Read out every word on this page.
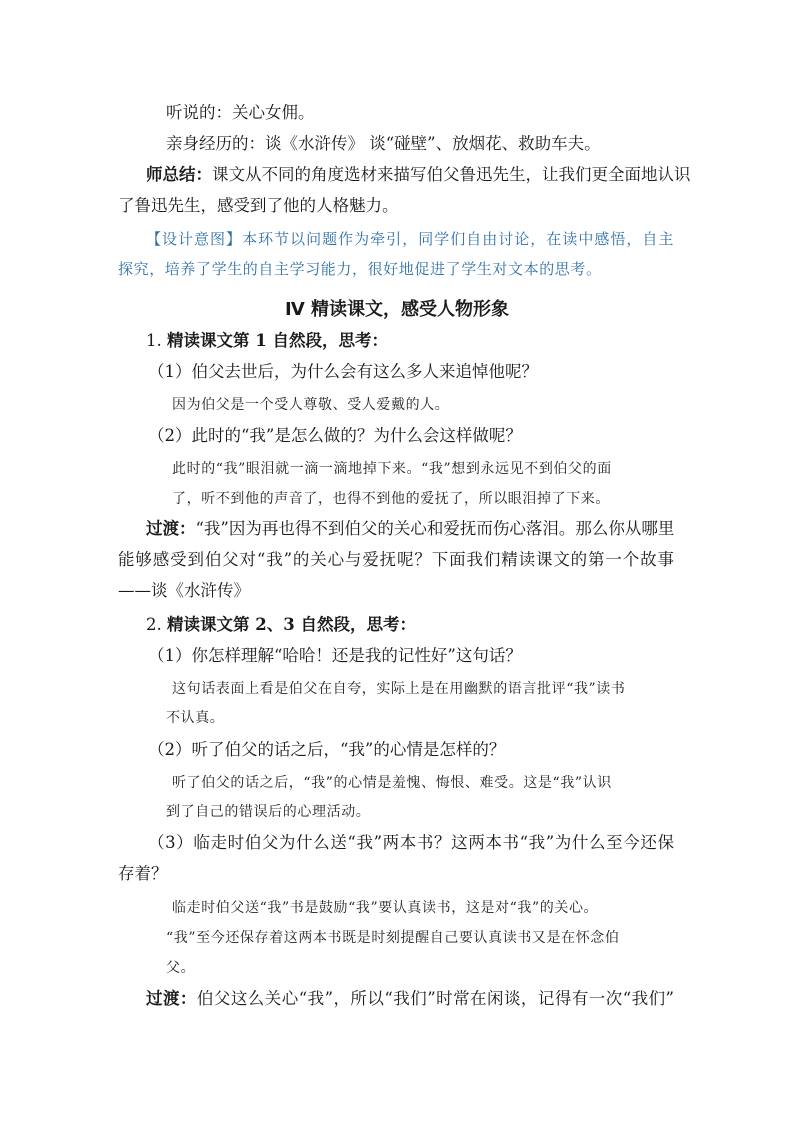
听说的：关心女佣。
亲身经历的：谈《水浒传》 谈“碰壁”、放烟花、救助车夫。
师总结：课文从不同的角度选材来描写伯父鲁迅先生，让我们更全面地认识
了鲁迅先生，感受到了他的人格魅力。
【设计意图】本环节以问题作为牵引，同学们自由讨论，在读中感悟，自主
探究，培养了学生的自主学习能力，很好地促进了学生对文本的思考。
Ⅳ 精读课文，感受人物形象
1. 精读课文第 1 自然段，思考：
（1）伯父去世后，为什么会有这么多人来追悼他呢？
因为伯父是一个受人尊敬、受人爱戴的人。
（2）此时的“我”是怎么做的？为什么会这样做呢？
此时的“我”眼泪就一滴一滴地掉下来。“我”想到永远见不到伯父的面
了，听不到他的声音了，也得不到他的爱抚了，所以眼泪掉了下来。
过渡：“我”因为再也得不到伯父的关心和爱抚而伤心落泪。那么你从哪里
能够感受到伯父对“我”的关心与爱抚呢？下面我们精读课文的第一个故事
——谈《水浒传》
2. 精读课文第 2、3 自然段，思考：
（1）你怎样理解“哈哈！还是我的记性好”这句话？
这句话表面上看是伯父在自夸，实际上是在用幽默的语言批评“我”读书
不认真。
（2）听了伯父的话之后，“我”的心情是怎样的？
听了伯父的话之后，“我”的心情是羞愧、悔恨、难受。这是“我”认识
到了自己的错误后的心理活动。
（3）临走时伯父为什么送“我”两本书？这两本书“我”为什么至今还保
存着？
临走时伯父送“我”书是鼓励“我”要认真读书，这是对“我”的关心。
“我”至今还保存着这两本书既是时刻提醒自己要认真读书又是在怀念伯
父。
过渡：伯父这么关心“我”，所以“我们”时常在闲谈，记得有一次“我们”
